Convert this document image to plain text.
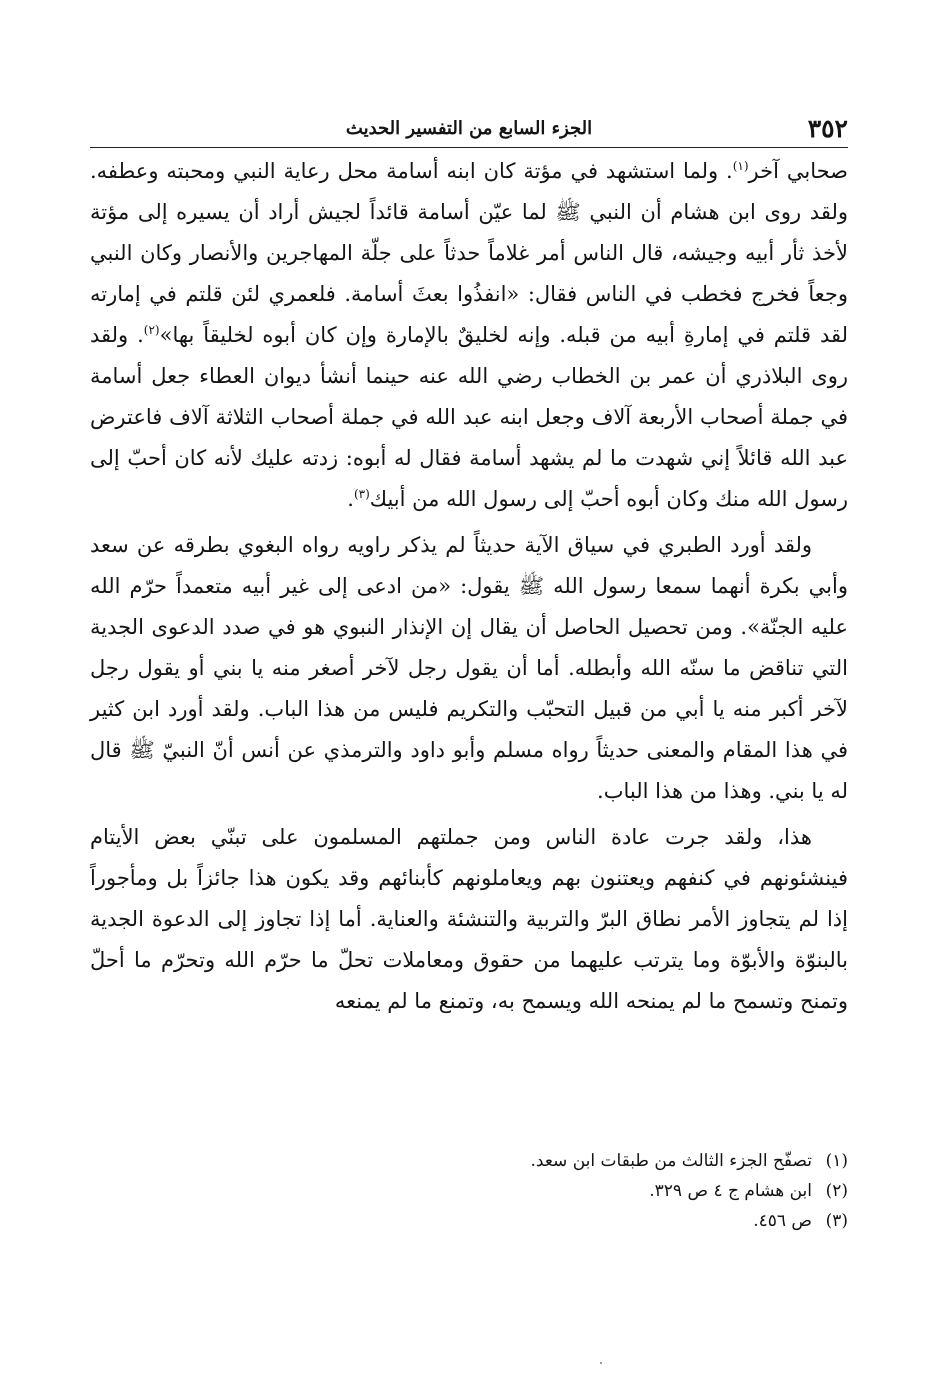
٣٥٢
الجزء السابع من التفسير الحديث

صحابي آخر$^{(١)}$. ولما استشهد في مؤتة كان ابنه أسامة محل رعاية النبي ومحبته وعطفه. ولقد روى ابن هشام أن النبي ﷺ لما عيّن أسامة قائداً لجيش أراد أن يسيره إلى مؤتة لأخذ ثأر أبيه وجيشه، قال الناس أمر غلاماً حدثاً على جلّة المهاجرين والأنصار وكان النبي وجعاً فخرج فخطب في الناس فقال: «انفذُوا بعثَ أسامة. فلعمري لئن قلتم في إمارته لقد قلتم في إمارةِ أبيه من قبله. وإنه لخليقٌ بالإمارة وإن كان أبوه لخليقاً بها»$^{(٢)}$. ولقد روى البلاذري أن عمر بن الخطاب رضي الله عنه حينما أنشأ ديوان العطاء جعل أسامة في جملة أصحاب الأربعة آلاف وجعل ابنه عبد الله في جملة أصحاب الثلاثة آلاف فاعترض عبد الله قائلاً إني شهدت ما لم يشهد أسامة فقال له أبوه: زدته عليك لأنه كان أحبّ إلى رسول الله منك وكان أبوه أحبّ إلى رسول الله من أبيك$^{(٣)}$.

ولقد أورد الطبري في سياق الآية حديثاً لم يذكر راويه رواه البغوي بطرقه عن سعد وأبي بكرة أنهما سمعا رسول الله ﷺ يقول: «من ادعى إلى غير أبيه متعمداً حرّم الله عليه الجنّة». ومن تحصيل الحاصل أن يقال إن الإنذار النبوي هو في صدد الدعوى الجدية التي تناقض ما سنّه الله وأبطله. أما أن يقول رجل لآخر أصغر منه يا بني أو يقول رجل لآخر أكبر منه يا أبي من قبيل التحبّب والتكريم فليس من هذا الباب. ولقد أورد ابن كثير في هذا المقام والمعنى حديثاً رواه مسلم وأبو داود والترمذي عن أنس أنّ النبيّ ﷺ قال له يا بني. وهذا من هذا الباب.

هذا، ولقد جرت عادة الناس ومن جملتهم المسلمون على تبنّي بعض الأيتام فينشئونهم في كنفهم ويعتنون بهم ويعاملونهم كأبنائهم وقد يكون هذا جائزاً بل ومأجوراً إذا لم يتجاوز الأمر نطاق البرّ والتربية والتنشئة والعناية. أما إذا تجاوز إلى الدعوة الجدية بالبنوّة والأبوّة وما يترتب عليهما من حقوق ومعاملات تحلّ ما حرّم الله وتحرّم ما أحلّ وتمنح وتسمح ما لم يمنحه الله ويسمح به، وتمنع ما لم يمنعه

(١)
تصفّح الجزء الثالث من طبقات ابن سعد.
(٢)
ابن هشام ج ٤ ص ٣٢٩.
(٣)
ص ٤٥٦.
